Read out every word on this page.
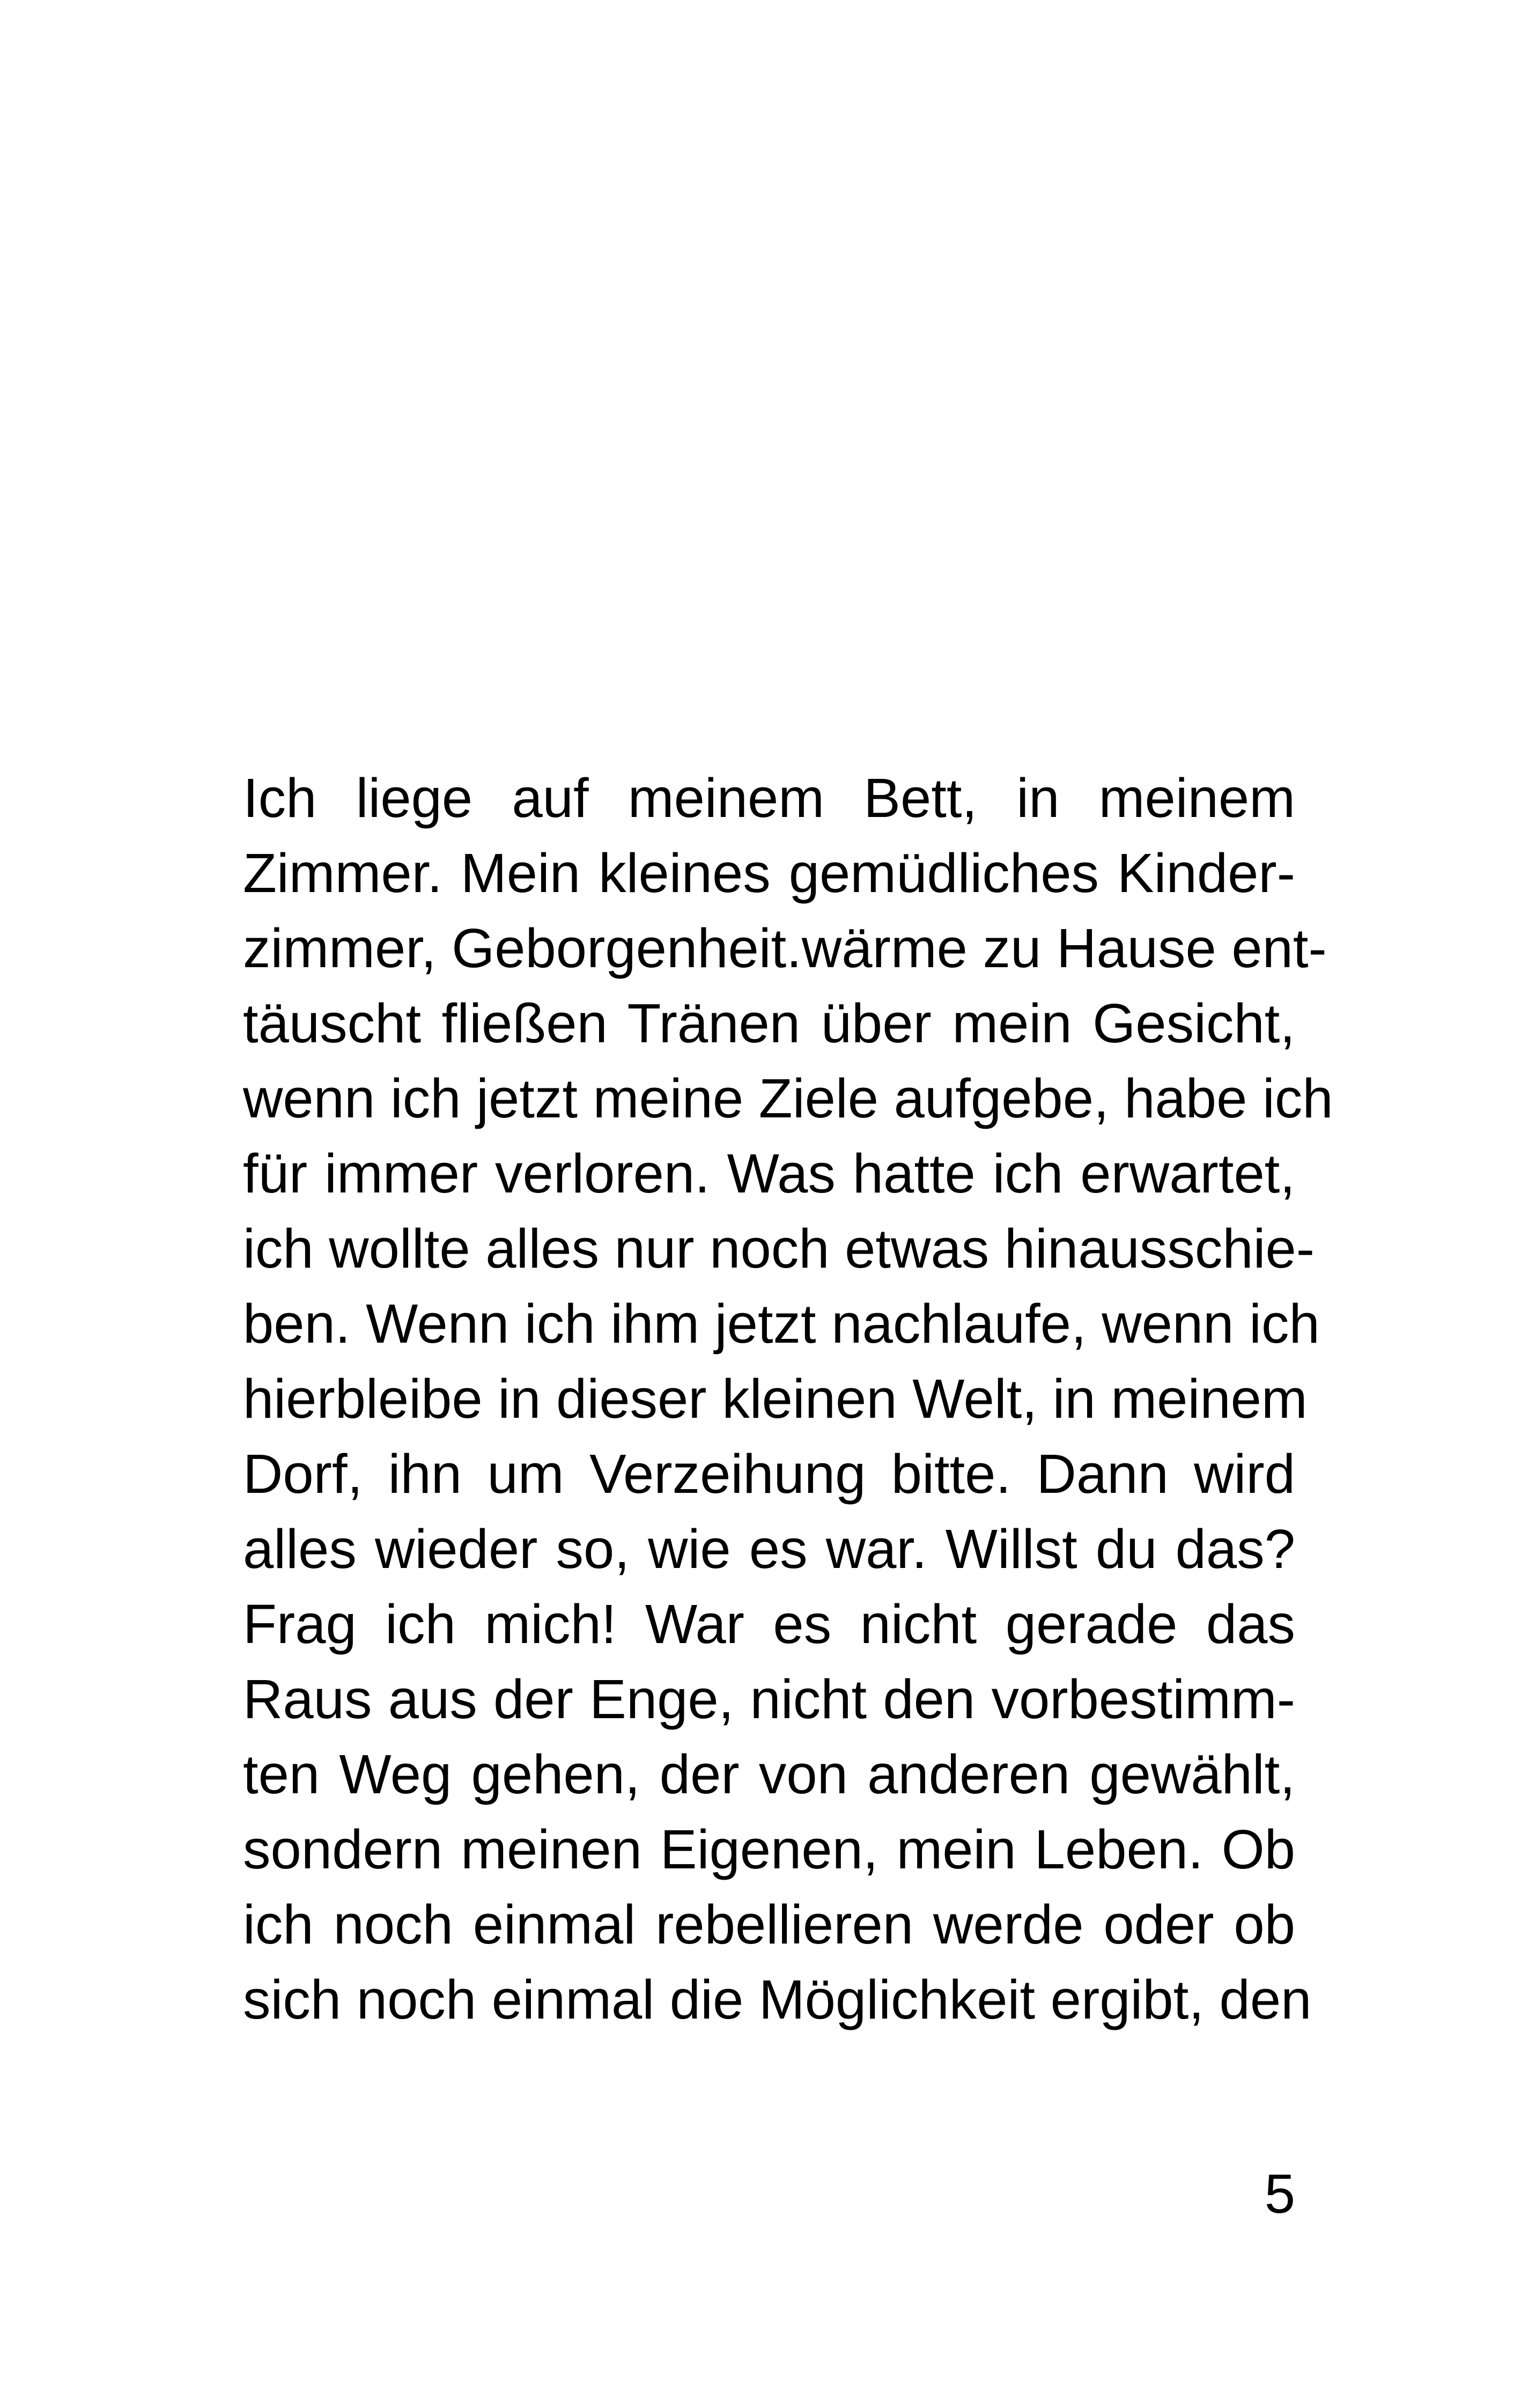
Ich liege auf meinem Bett, in meinem
Zimmer. Mein kleines gemüdliches Kinder-
zimmer, Geborgenheit.wärme zu Hause ent-
täuscht fließen Tränen über mein Gesicht,
wenn ich jetzt meine Ziele aufgebe, habe ich
für immer verloren. Was hatte ich erwartet,
ich wollte alles nur noch etwas hinausschie-
ben. Wenn ich ihm jetzt nachlaufe, wenn ich
hierbleibe in dieser kleinen Welt, in meinem
Dorf, ihn um Verzeihung bitte. Dann wird
alles wieder so, wie es war. Willst du das?
Frag ich mich! War es nicht gerade das
Raus aus der Enge, nicht den vorbestimm-
ten Weg gehen, der von anderen gewählt,
sondern meinen Eigenen, mein Leben. Ob
ich noch einmal rebellieren werde oder ob
sich noch einmal die Möglichkeit ergibt, den
5
